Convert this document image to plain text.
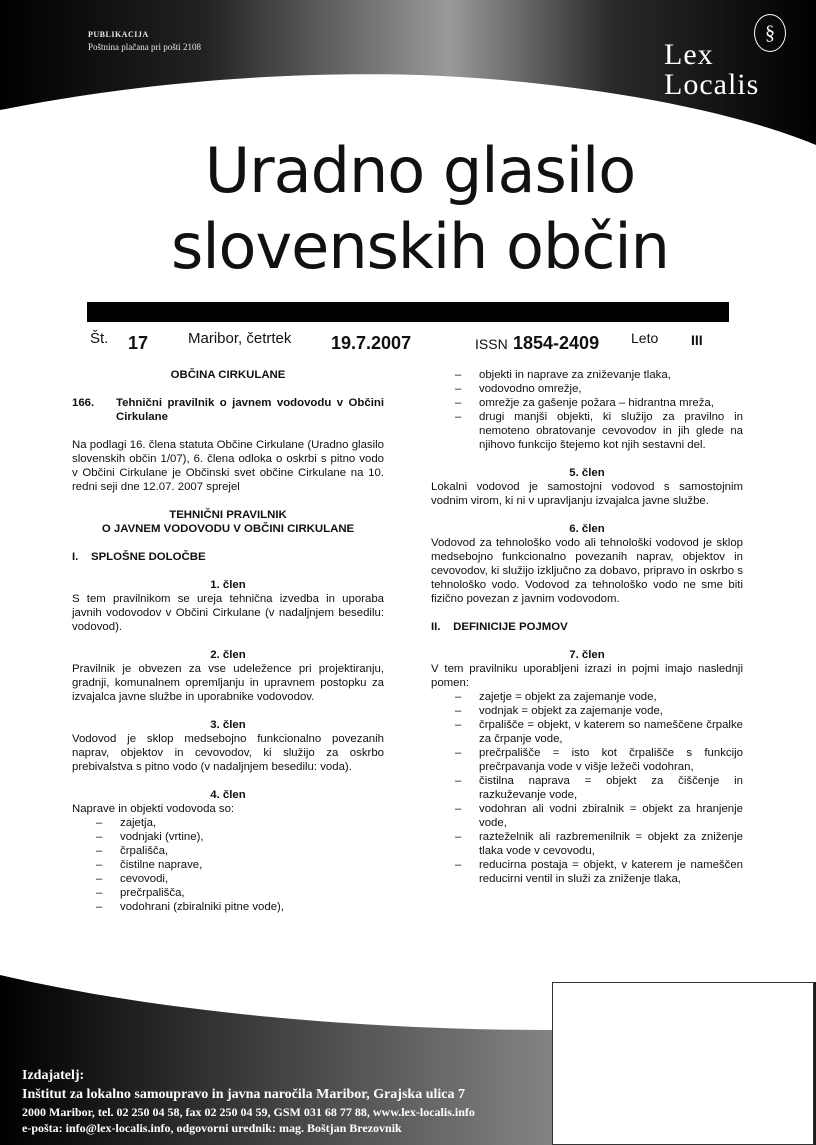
PUBLIKACIJA
Poštnina plačana pri pošti 2108
§
Lex
Localis
Uradno glasilo
slovenskih občin
Št. 17	Maribor, četrtek 19.7.2007	ISSN 1854-2409 Leto III

OBČINA CIRKULANE

166.	Tehnični pravilnik o javnem vodovodu v Občini Cirkulane

Na podlagi 16. člena statuta Občine Cirkulane (Uradno glasilo slovenskih občin 1/07), 6. člena odloka o oskrbi s pitno vodo v Občini Cirkulane je Občinski svet občine Cirkulane na 10. redni seji dne 12.07. 2007 sprejel

TEHNIČNI PRAVILNIK

O JAVNEM VODOVODU V OBČINI CIRKULANE

I.    SPLOŠNE DOLOČBE

1. člen

S tem pravilnikom se ureja tehnična izvedba in uporaba javnih vodovodov v Občini Cirkulane (v nadaljnjem besedilu: vodovod).

2. člen

Pravilnik je obvezen za vse udeležence pri projektiranju, gradnji, komunalnem opremljanju in upravnem postopku za izvajalca javne službe in uporabnike vodovodov.

3. člen

Vodovod je sklop medsebojno funkcionalno povezanih naprav, objektov in cevovodov, ki služijo za oskrbo prebivalstva s pitno vodo (v nadaljnjem besedilu: voda).

4. člen

Naprave in objekti vodovoda so:

–	zajetja,
–	vodnjaki (vrtine),
–	črpališča,
–	čistilne naprave,
–	cevovodi,
–	prečrpališča,
–	vodohrani (zbiralniki pitne vode),
–	objekti in naprave za zniževanje tlaka,
–	vodovodno omrežje,
–	omrežje za gašenje požara – hidrantna mreža,
–	drugi manjši objekti, ki služijo za pravilno in nemoteno obratovanje cevovodov in jih glede na njihovo funkcijo štejemo kot njih sestavni del.

5. člen

Lokalni vodovod je samostojni vodovod s samostojnim vodnim virom, ki ni v upravljanju izvajalca javne službe.

6. člen

Vodovod za tehnološko vodo ali tehnološki vodovod je sklop medsebojno funkcionalno povezanih naprav, objektov in cevovodov, ki služijo izključno za dobavo, pripravo in oskrbo s tehnološko vodo. Vodovod za tehnološko vodo ne sme biti fizično povezan z javnim vodovodom.

II.    DEFINICIJE POJMOV

7. člen

V tem pravilniku uporabljeni izrazi in pojmi imajo naslednji pomen:

–	zajetje = objekt za zajemanje vode,
–	vodnjak = objekt za zajemanje vode,
–	črpališče = objekt, v katerem so nameščene črpalke za črpanje vode,
–	prečrpališče = isto kot črpališče s funkcijo prečrpavanja vode v višje ležeči vodohran,
–	čistilna naprava = objekt za čiščenje in razkuževanje vode,
–	vodohran ali vodni zbiralnik = objekt za hranjenje vode,
–	razteželnik ali razbremenilnik = objekt za zniženje tlaka vode v cevovodu,
–	reducirna postaja = objekt, v katerem je nameščen reducirni ventil in služi za zniženje tlaka,
Izdajatelj:
Inštitut za lokalno samoupravo in javna naročila Maribor, Grajska ulica 7
2000 Maribor, tel. 02 250 04 58, fax 02 250 04 59, GSM 031 68 77 88, www.lex-localis.info
e-pošta: info@lex-localis.info, odgovorni urednik: mag. Boštjan Brezovnik
